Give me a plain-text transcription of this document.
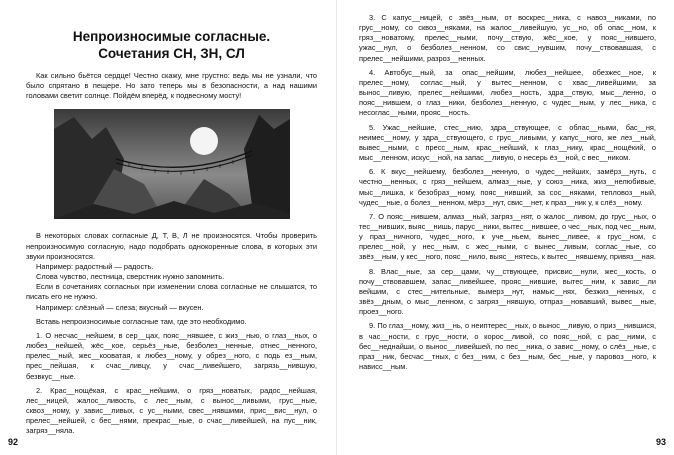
Непроизносимые согласные.
Сочетания СН, ЗН, СЛ

Как сильно бьётся сердце! Честно скажу, мне грустно: ведь мы не узнали, что было спрятано в пещере. Но зато теперь мы в безопасности, а над нашими головами светит солнце. Пойдём вперёд, к подвесному мосту!

В некоторых словах согласные Д, Т, В, Л не произносятся. Чтобы проверить непроизносимую согласную, надо подобрать однокоренные слова, в которых эти звуки произносятся.

Например: радостный — радость.

Слова чувство, лестница, сверстник нужно запомнить.

Если в сочетаниях согласных при изменении слова согласные не слышатся, то писать его не нужно.

Например: слёзный — слеза; вкусный — вкусен.

Вставь непроизносимые согласные там, где это необходимо.

1. О несчас__нейшем, в сер__цах, пояс__нявшее, с жиз__нью, о глаз__ных, о любез__нейшей, жёс__кое, серьёз__ные, безболез__ненные, отнес__ненного, прелес__ный, жес__кооватая, к любез__ному, у обрез__ного, с подь ез__ным, прес__пейшая, к счас__ливцу, у счас__ливейшего, загрязь__нившую, безвкус__ные.

2. Крас__нощёкая, с крас__нейшим, о гряз__новатых, радос__нейшая, лес__ницей, жалос__ливость, с лес__ным, с вынос__ливыми, грус__ные, сквоз__ному, у завис__ливых, с ус__ными, свес__нявшими, прис__вис__нул, о прелес__нейшей, с бес__нями, прекрас__ные, о счас__ливейшей, на пус__ник, загряз__няла.

92

3. С капус__ницей, с звёз__ным, от воскрес__ника, с навоз__никами, по грус__ному, со сквоз__няками, на жалос__ливейшую, ус__но, об опас__ном, к гряз__новатому, прелес__ными, почу__ствую, жёс__кое, у пояс__нившего, ужас__нул, о безболез__ненном, со свис__нувшим, почу__ствовавшая, с прелес__нейшими, разроз__ненных.

4. Автобус__ный, за опас__нейшим, любез__нейшее, обезжес__ное, к прелес__ному, соглас__ный, у вытес__ненном, с хвас__ливейшими, за вынос__ливую, прелес__нейшими, любез__ность, здра__ствую, мыс__ленно, о пояс__нившем, о глаз__ники, безболез__ненную, с чудес__ным, у лес__ника, с несоглас__ными, прояс__ность.

5. Ужас__нейшие, стес__нию, здра__ствующее, с облас__ными, бас__ня, неимес__ному, у здра__ствующего, с грус__ливыми, у капус__ного, же лез__ный, вывес__ными, с пресс__ным, крас__нейший, к глаз__нику, крас__нощёкий, о мыс__ленном, искус__ной, на запас__ливую, о несерь ёз__ной, с вес__ником.

6. К вкус__нейшему, безболез__ненную, о чудес__нейших, замёрз__нуть, с честно__ненных, с гряз__нейшем, алмаз__ные, у союз__ника, жиз__нелюбивые, мыс__лишка, к безобраз__ному, пояс__нивший, за сос__няками, тепловоз__ный, чудес__ные, о болез__ненном, мёрз__нут, свис__нет, к праз__ник у, к слёз__ному.

7. О пояс__нившем, алмаз__ный, загряз__нят, о жалос__ливом, до грус__ных, о тес__нивших, выяс__нишь, парус__ники, вытес__нившее, о чес__ных, под чес__ным, у праз__ничного, чудес__ного, к уче__ньем, вынес__ливее, к грус__ном, с прелес__ной, у нес__ным, с жес__ными, с вынес__ливым, соглас__ные, со звёз__ным, у кес__ного, пояс__нило, выяс__нятесь, к вытес__нявшему, привяз__ная.

8. Влас__ные, за сер__цами, чу__ствующее, присвис__нули, жес__кость, о почу__ствовавшем, запас__ливейшее, прояс__нившие, вытес__ним, к завис__ли вейшим, с стес__нительные, вымерз__нут, намыс__нях, безжиз__ненных, с звёз__дным, о мыс__ленном, с загряз__нявшую, отпраз__новавший, вывес__ные, проез__ного.

9. По глаз__ному, жиз__нь, о неиптерес__ных, о вынос__ливую, о приз__нившися, в час__ности, с грус__ности, о корос__ливой, со пояс__ной, с рас__ними, с бес__неднайши, о вынос__ливейшей, по пес__ника, о завис__ному, о слёз__ные, с праз__ник, бесчас__тных, с без__ним, с без__ным, бес__ные, у паровоз__ного, к нависс__ным.

93
